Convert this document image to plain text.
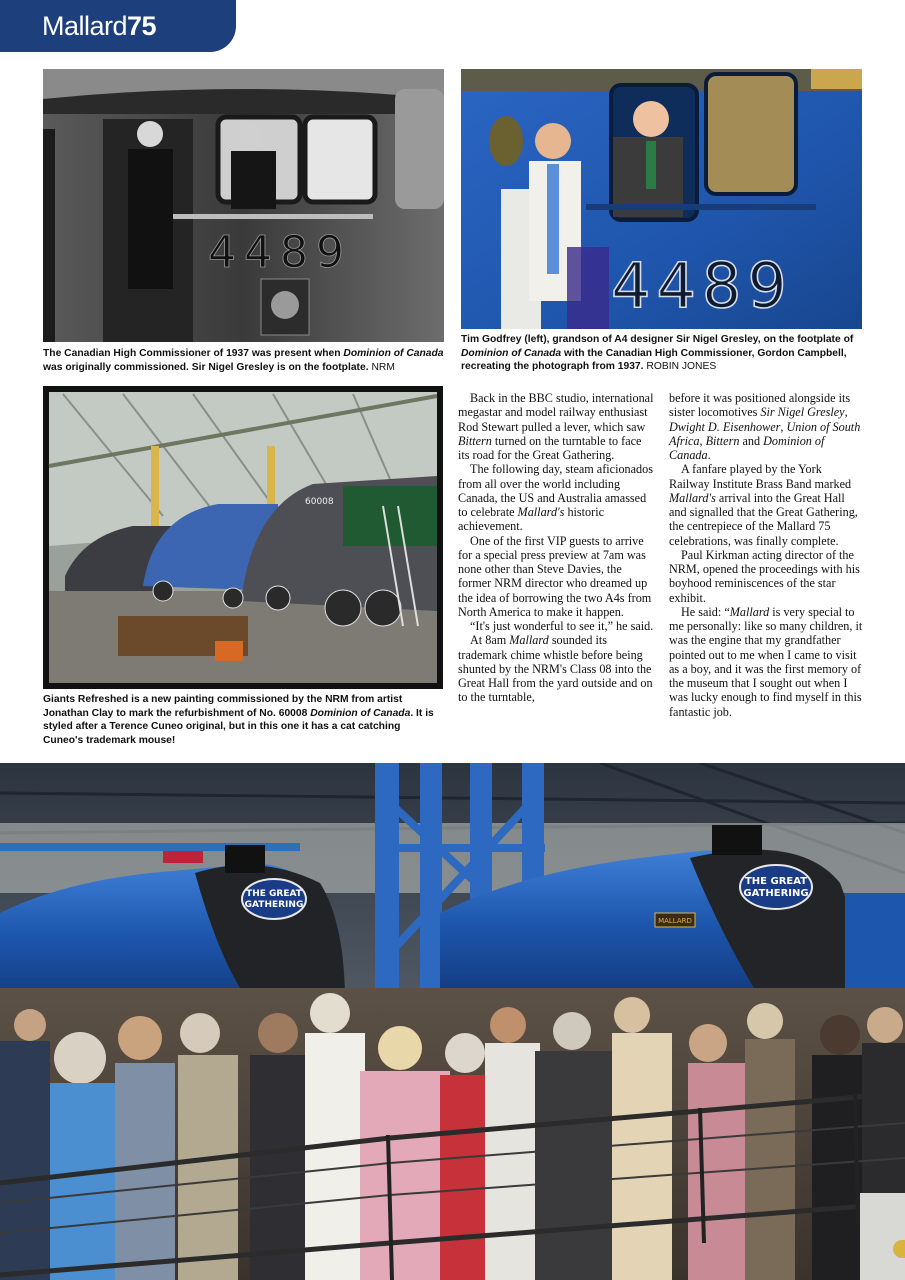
Mallard 75
4489
The Canadian High Commissioner of 1937 was present when Dominion of Canada was originally commissioned. Sir Nigel Gresley is on the footplate. NRM
4489
Tim Godfrey (left), grandson of A4 designer Sir Nigel Gresley, on the footplate of Dominion of Canada with the Canadian High Commissioner, Gordon Campbell, recreating the photograph from 1937. ROBIN JONES
60008
Giants Refreshed is a new painting commissioned by the NRM from artist Jonathan Clay to mark the refurbishment of No. 60008 Dominion of Canada. It is styled after a Terence Cuneo original, but in this one it has a cat catching Cuneo's trademark mouse!

Back in the BBC studio, international megastar and model railway enthusiast Rod Stewart pulled a lever, which saw Bittern turned on the turntable to face its road for the Great Gathering.

The following day, steam aficionados from all over the world including Canada, the US and Australia amassed to celebrate Mallard's historic achievement.

One of the first VIP guests to arrive for a special press preview at 7am was none other than Steve Davies, the former NRM director who dreamed up the idea of borrowing the two A4s from North America to make it happen.

“It's just wonderful to see it,” he said.

At 8am Mallard sounded its trademark chime whistle before being shunted by the NRM's Class 08 into the Great Hall from the yard outside and on to the turntable,

before it was positioned alongside its sister locomotives Sir Nigel Gresley, Dwight D. Eisenhower, Union of South Africa, Bittern and Dominion of Canada.

A fanfare played by the York Railway Institute Brass Band marked Mallard's arrival into the Great Hall and signalled that the Great Gathering, the centrepiece of the Mallard 75 celebrations, was finally complete.

Paul Kirkman acting director of the NRM, opened the proceedings with his boyhood reminiscences of the star exhibit.

He said: “Mallard is very special to me personally: like so many children, it was the engine that my grandfather pointed out to me when I came to visit as a boy, and it was the first memory of the museum that I sought out when I was lucky enough to find myself in this fantastic job.

THE GREAT
GATHERING
THE GREAT
GATHERING
MALLARD
